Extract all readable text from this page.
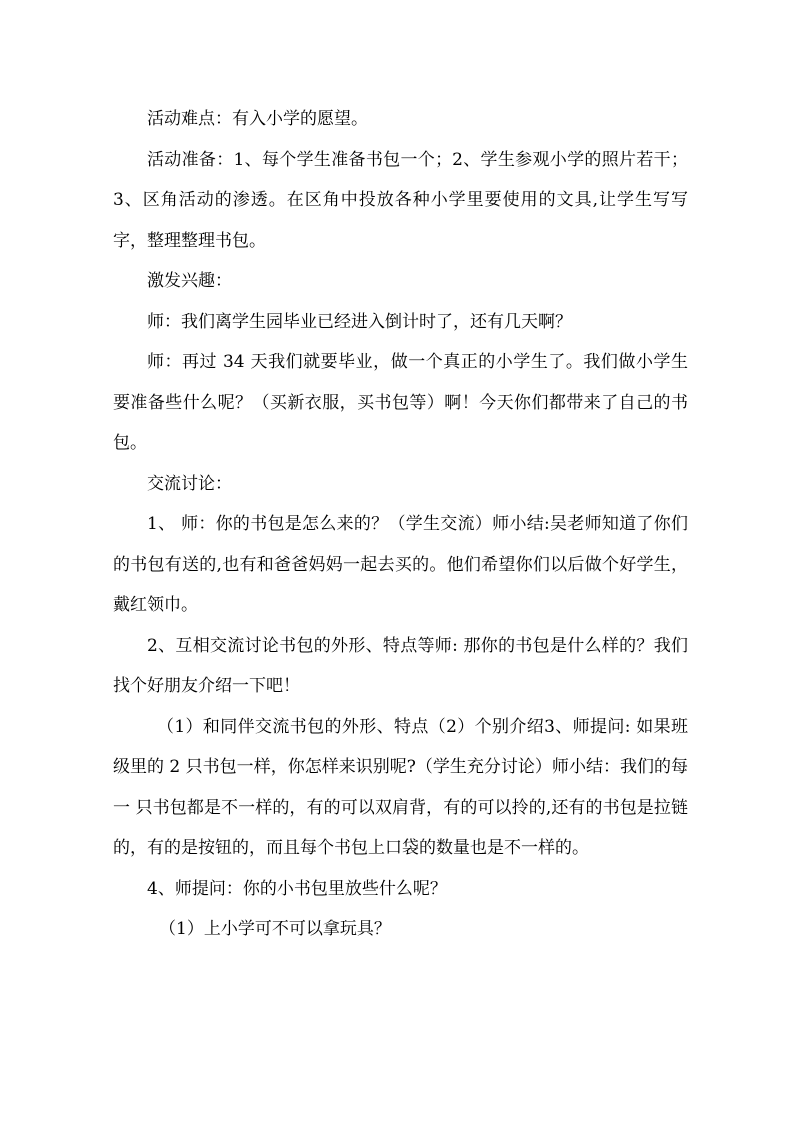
活动难点：有入小学的愿望。

活动准备：1、每个学生准备书包一个；2、学生参观小学的照片若干；3、区角活动的渗透。在区角中投放各种小学里要使用的文具,让学生写写字，整理整理书包。

激发兴趣：

师：我们离学生园毕业已经进入倒计时了，还有几天啊？

师：再过 34 天我们就要毕业，做一个真正的小学生了。我们做小学生要准备些什么呢？（买新衣服，买书包等）啊！今天你们都带来了自己的书包。

交流讨论：

1、 师：你的书包是怎么来的？（学生交流）师小结:吴老师知道了你们的书包有送的,也有和爸爸妈妈一起去买的。他们希望你们以后做个好学生，戴红领巾。

2、互相交流讨论书包的外形、特点等师: 那你的书包是什么样的？我们找个好朋友介绍一下吧！

（1）和同伴交流书包的外形、特点（2）个别介绍3、师提问: 如果班级里的 2 只书包一样，你怎样来识别呢?（学生充分讨论）师小结：我们的每一 只书包都是不一样的，有的可以双肩背，有的可以拎的,还有的书包是拉链的，有的是按钮的，而且每个书包上口袋的数量也是不一样的。

4、师提问：你的小书包里放些什么呢？

（1）上小学可不可以拿玩具？
